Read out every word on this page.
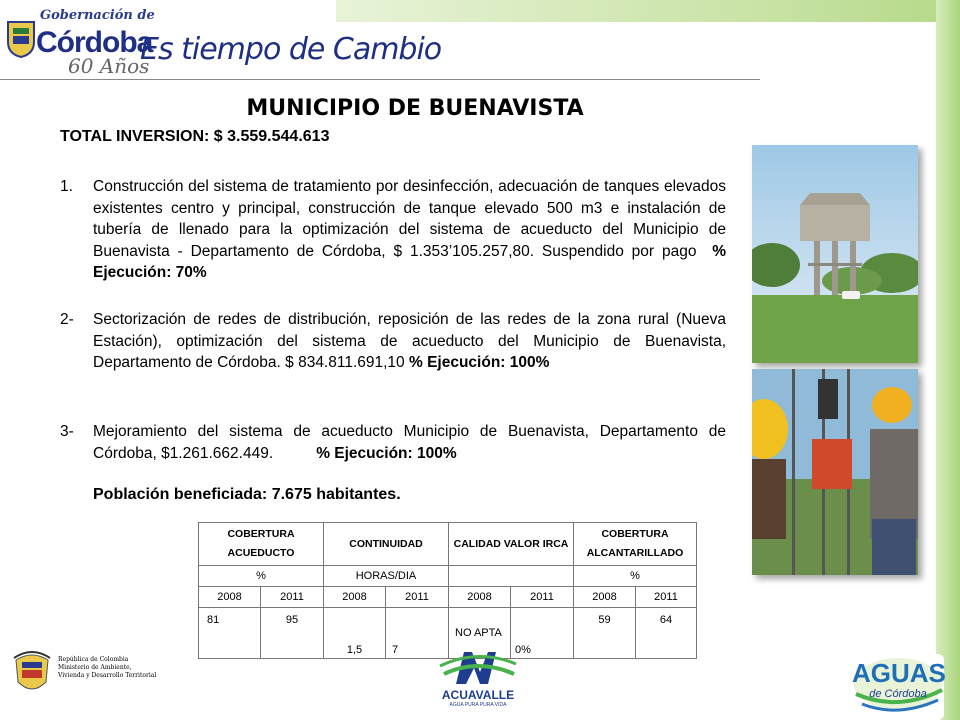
Gobernación de
Córdoba
60 Años
Es tiempo de Cambio
MUNICIPIO DE BUENAVISTA
TOTAL INVERSION: $ 3.559.544.613
1.	Construcción del sistema de tratamiento por desinfección, adecuación de tanques elevados existentes centro y principal, construcción de tanque elevado 500 m3 e instalación de tubería de llenado para la optimización del sistema de acueducto del Municipio de Buenavista - Departamento de Córdoba, $ 1.353’105.257,80. Suspendido por pago % Ejecución: 70%
2-	Sectorización de redes de distribución, reposición de las redes de la zona rural (Nueva Estación), optimización del sistema de acueducto del Municipio de Buenavista, Departamento de Córdoba. $ 834.811.691,10 % Ejecución: 100%
3-	Mejoramiento del sistema de acueducto Municipio de Buenavista, Departamento de Córdoba, $1.261.662.449.	% Ejecución: 100%
Población beneficiada: 7.675 habitantes.
COBERTURA ACUEDUCTO		CONTINUIDAD		CALIDAD VALOR IRCA		COBERTURA ALCANTARILLADO	
%		HORAS/DIA				%	
2008	2011	2008	2011	2008	2011	2008	2011
81	95	1,5	7	NO APTA	0%	59	64
República de Colombia
Ministerio de Ambiente,
Vivienda y Desarrollo Territorial
ACUAVALLE
AGUA PURA PURA VIDA
AGUAS
de Córdoba
